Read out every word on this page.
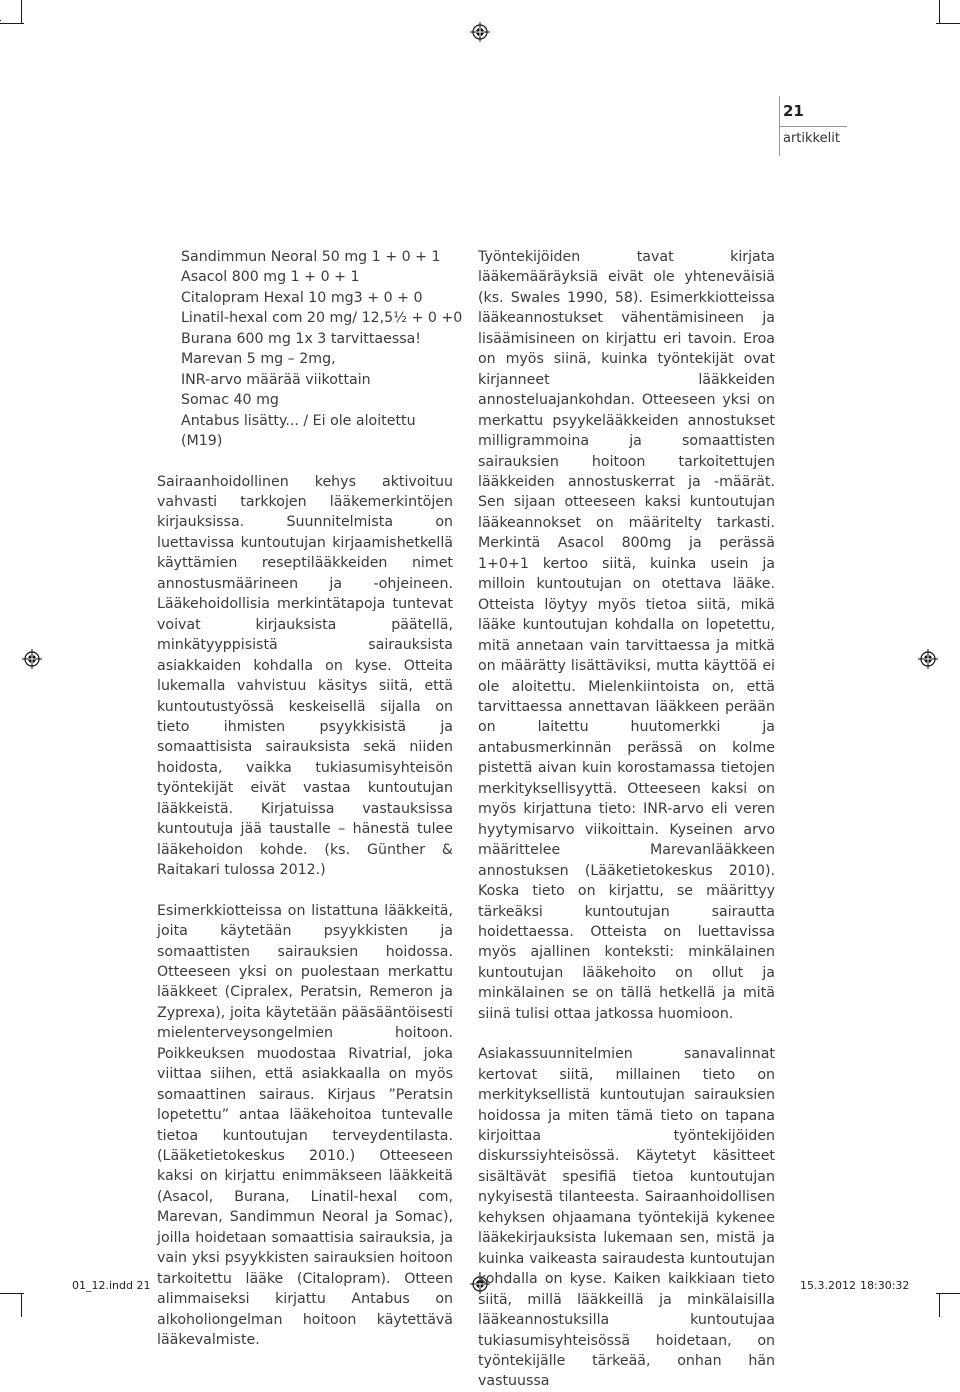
21
artikkelit
Sandimmun Neoral 50 mg 1 + 0 + 1
Asacol 800 mg 1 + 0 + 1
Citalopram Hexal 10 mg3 + 0 + 0
Linatil-hexal com 20 mg/ 12,5½ + 0 +0
Burana 600 mg 1x 3 tarvittaessa!
Marevan 5 mg – 2mg,
INR-arvo määrää viikottain
Somac 40 mg
Antabus lisätty... / Ei ole aloitettu
(M19)

Sairaanhoidollinen kehys aktivoituu vahvasti tarkkojen lääkemerkintöjen kirjauksissa. Suunnitelmista on luettavissa kuntoutujan kirjaamishetkellä käyttämien reseptilääkkeiden nimet annostusmäärineen ja -ohjeineen. Lääkehoidollisia merkintätapoja tuntevat voivat kirjauksista päätellä, minkätyyppisistä sairauksista asiakkaiden kohdalla on kyse. Otteita lukemalla vahvistuu käsitys siitä, että kuntoutustyössä keskeisellä sijalla on tieto ihmisten psyykkisistä ja somaattisista sairauksista sekä niiden hoidosta, vaikka tukiasumisyhteisön työntekijät eivät vastaa kuntoutujan lääkkeistä. Kirjatuissa vastauksissa kuntoutuja jää taustalle – hänestä tulee lääkehoidon kohde. (ks. Günther & Raitakari tulossa 2012.)

Esimerkkiotteissa on listattuna lääkkeitä, joita käytetään psyykkisten ja somaattisten sairauksien hoidossa. Otteeseen yksi on puolestaan merkattu lääkkeet (Cipralex, Peratsin, Remeron ja Zyprexa), joita käytetään pääsääntöisesti mielenterveysongelmien hoitoon. Poikkeuksen muodostaa Rivatrial, joka viittaa siihen, että asiakkaalla on myös somaattinen sairaus. Kirjaus ”Peratsin lopetettu” antaa lääkehoitoa tuntevalle tietoa kuntoutujan terveydentilasta. (Lääketietokeskus 2010.) Otteeseen kaksi on kirjattu enimmäkseen lääkkeitä (Asacol, Burana, Linatil-hexal com, Marevan, Sandimmun Neoral ja Somac), joilla hoidetaan somaattisia sairauksia, ja vain yksi psyykkisten sairauksien hoitoon tarkoitettu lääke (Citalopram). Otteen alimmaiseksi kirjattu Antabus on alkoholiongelman hoitoon käytettävä lääkevalmiste.

Työntekijöiden tavat kirjata lääkemääräyksiä eivät ole yhteneväisiä (ks. Swales 1990, 58). Esimerkkiotteissa lääkeannostukset vähentämisineen ja lisäämisineen on kirjattu eri tavoin. Eroa on myös siinä, kuinka työntekijät ovat kirjanneet lääkkeiden annosteluajankohdan. Otteeseen yksi on merkattu psyykelääkkeiden annostukset milligrammoina ja somaattisten sairauksien hoitoon tarkoitettujen lääkkeiden annostuskerrat ja -määrät. Sen sijaan otteeseen kaksi kuntoutujan lääkeannokset on määritelty tarkasti. Merkintä Asacol 800mg ja perässä 1+0+1 kertoo siitä, kuinka usein ja milloin kuntoutujan on otettava lääke. Otteista löytyy myös tietoa siitä, mikä lääke kuntoutujan kohdalla on lopetettu, mitä annetaan vain tarvittaessa ja mitkä on määrätty lisättäviksi, mutta käyttöä ei ole aloitettu. Mielenkiintoista on, että tarvittaessa annettavan lääkkeen perään on laitettu huutomerkki ja antabusmerkinnän perässä on kolme pistettä aivan kuin korostamassa tietojen merkityksellisyyttä. Otteeseen kaksi on myös kirjattuna tieto: INR-arvo eli veren hyytymisarvo viikoittain. Kyseinen arvo määrittelee Marevanlääkkeen annostuksen (Lääketietokeskus 2010). Koska tieto on kirjattu, se määrittyy tärkeäksi kuntoutujan sairautta hoidettaessa. Otteista on luettavissa myös ajallinen konteksti: minkälainen kuntoutujan lääkehoito on ollut ja minkälainen se on tällä hetkellä ja mitä siinä tulisi ottaa jatkossa huomioon.

Asiakassuunnitelmien sanavalinnat kertovat siitä, millainen tieto on merkityksellistä kuntoutujan sairauksien hoidossa ja miten tämä tieto on tapana kirjoittaa työntekijöiden diskurssiyhteisössä. Käytetyt käsitteet sisältävät spesifiä tietoa kuntoutujan nykyisestä tilanteesta. Sairaanhoidollisen kehyksen ohjaamana työntekijä kykenee lääkekirjauksista lukemaan sen, mistä ja kuinka vaikeasta sairaudesta kuntoutujan kohdalla on kyse. Kaiken kaikkiaan tieto siitä, millä lääkkeillä ja minkälaisilla lääkeannostuksilla kuntoutujaa tukiasumisyhteisössä hoidetaan, on työntekijälle tärkeää, onhan hän vastuussa

01_12.indd 21	15.3.2012 18:30:32
